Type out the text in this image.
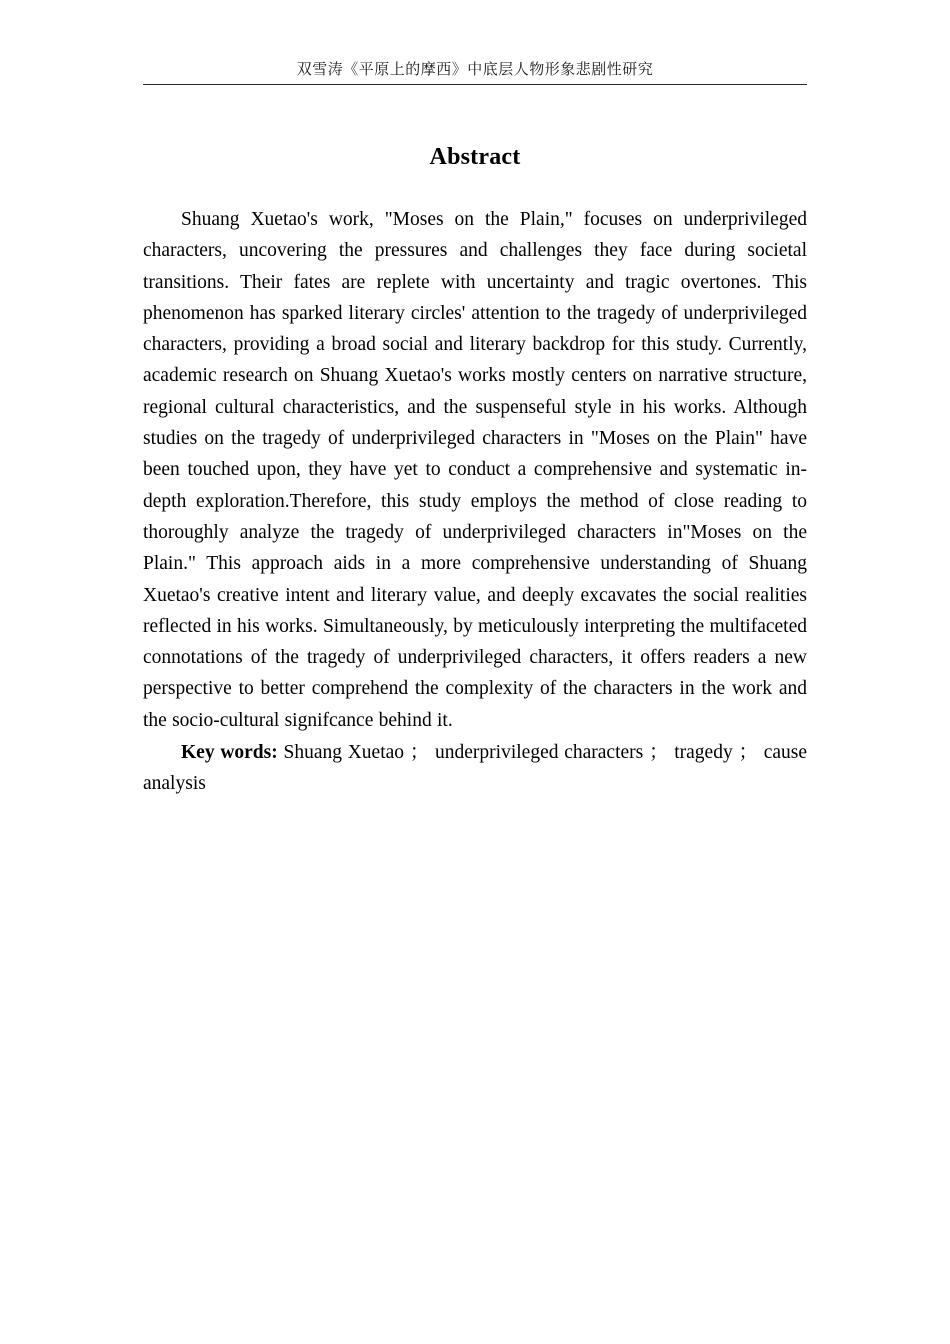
双雪涛《平原上的摩西》中底层人物形象悲剧性研究
Abstract

Shuang Xuetao's work, "Moses on the Plain," focuses on underprivileged characters, uncovering the pressures and challenges they face during societal transitions. Their fates are replete with uncertainty and tragic overtones. This phenomenon has sparked literary circles' attention to the tragedy of underprivileged characters, providing a broad social and literary backdrop for this study. Currently, academic research on Shuang Xuetao's works mostly centers on narrative structure, regional cultural characteristics, and the suspenseful style in his works. Although studies on the tragedy of underprivileged characters in "Moses on the Plain" have been touched upon, they have yet to conduct a comprehensive and systematic in-depth exploration.Therefore, this study employs the method of close reading to thoroughly analyze the tragedy of underprivileged characters in"Moses on the Plain." This approach aids in a more comprehensive understanding of Shuang Xuetao's creative intent and literary value, and deeply excavates the social realities reflected in his works. Simultaneously, by meticulously interpreting the multifaceted connotations of the tragedy of underprivileged characters, it offers readers a new perspective to better comprehend the complexity of the characters in the work and the socio-cultural signifcance behind it.

Key words: Shuang Xuetao ； underprivileged characters ； tragedy ； cause analysis
